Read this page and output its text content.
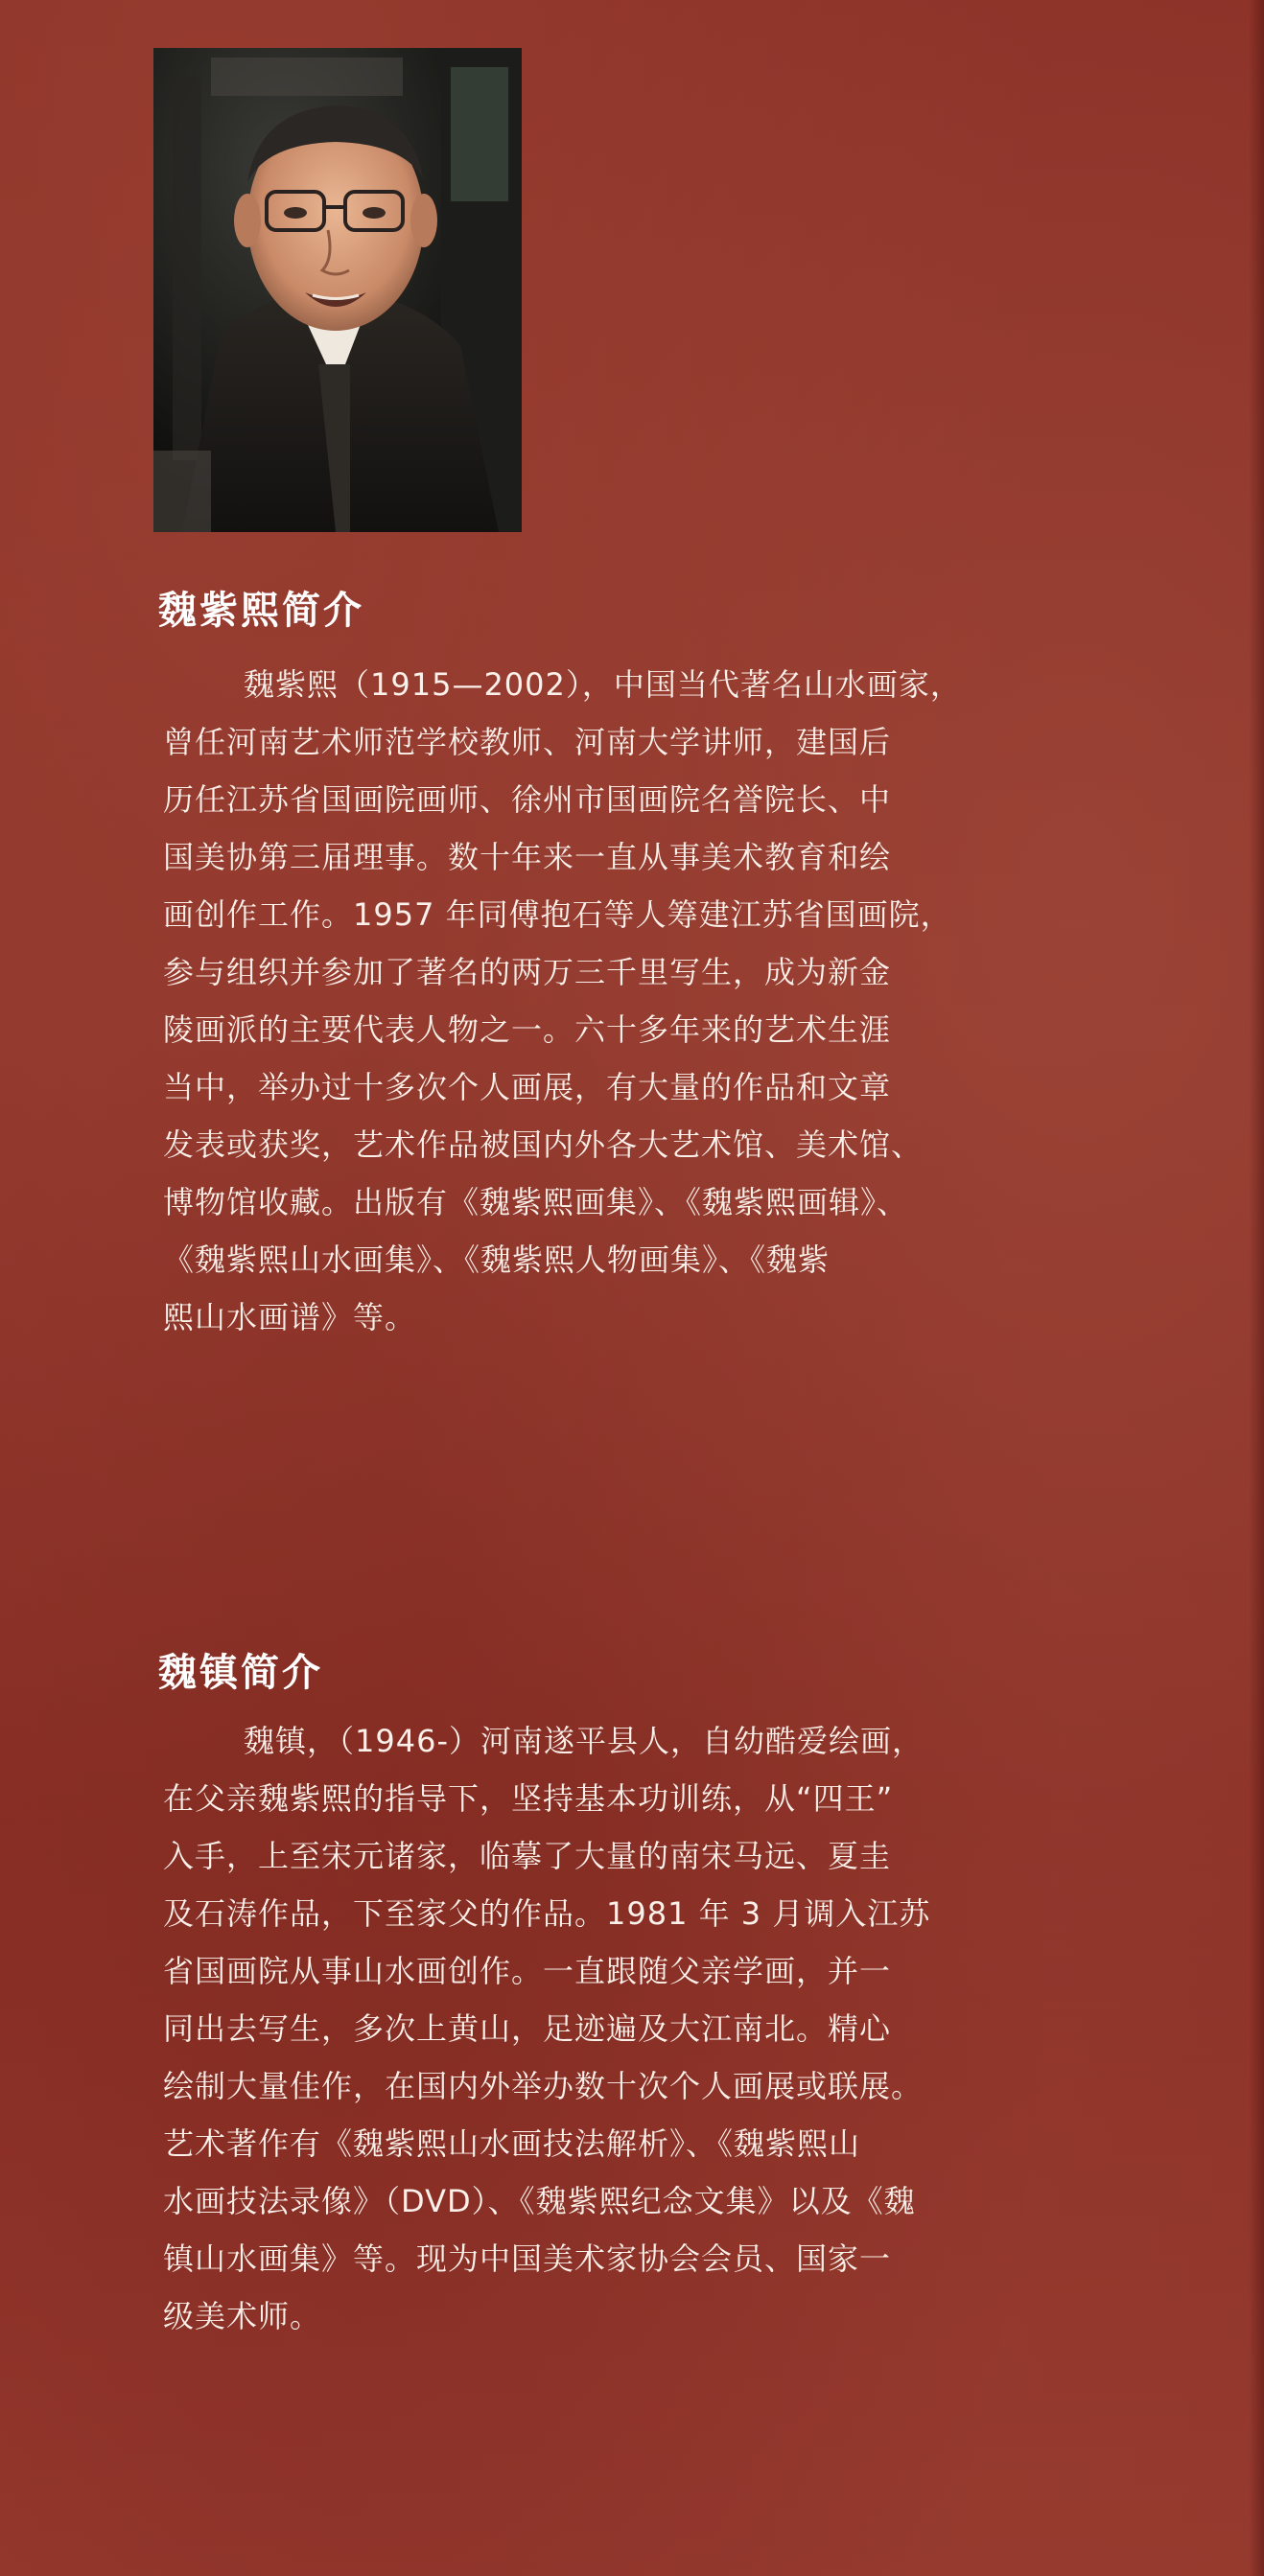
魏紫熙简介
魏紫熙（1915—2002），中国当代著名山水画家，
曾任河南艺术师范学校教师、河南大学讲师，建国后
历任江苏省国画院画师、徐州市国画院名誉院长、中
国美协第三届理事。数十年来一直从事美术教育和绘
画创作工作。1957 年同傅抱石等人筹建江苏省国画院，
参与组织并参加了著名的两万三千里写生，成为新金
陵画派的主要代表人物之一。六十多年来的艺术生涯
当中，举办过十多次个人画展，有大量的作品和文章
发表或获奖，艺术作品被国内外各大艺术馆、美术馆、
博物馆收藏。出版有《魏紫熙画集》、《魏紫熙画辑》、
《魏紫熙山水画集》、《魏紫熙人物画集》、《魏紫
熙山水画谱》等。
魏镇简介
魏镇，（1946-）河南遂平县人，自幼酷爱绘画，
在父亲魏紫熙的指导下，坚持基本功训练，从“四王”
入手，上至宋元诸家，临摹了大量的南宋马远、夏圭
及石涛作品，下至家父的作品。1981 年 3 月调入江苏
省国画院从事山水画创作。一直跟随父亲学画，并一
同出去写生，多次上黄山，足迹遍及大江南北。精心
绘制大量佳作，在国内外举办数十次个人画展或联展。
艺术著作有《魏紫熙山水画技法解析》、《魏紫熙山
水画技法录像》（DVD）、《魏紫熙纪念文集》以及《魏
镇山水画集》等。现为中国美术家协会会员、国家一
级美术师。
